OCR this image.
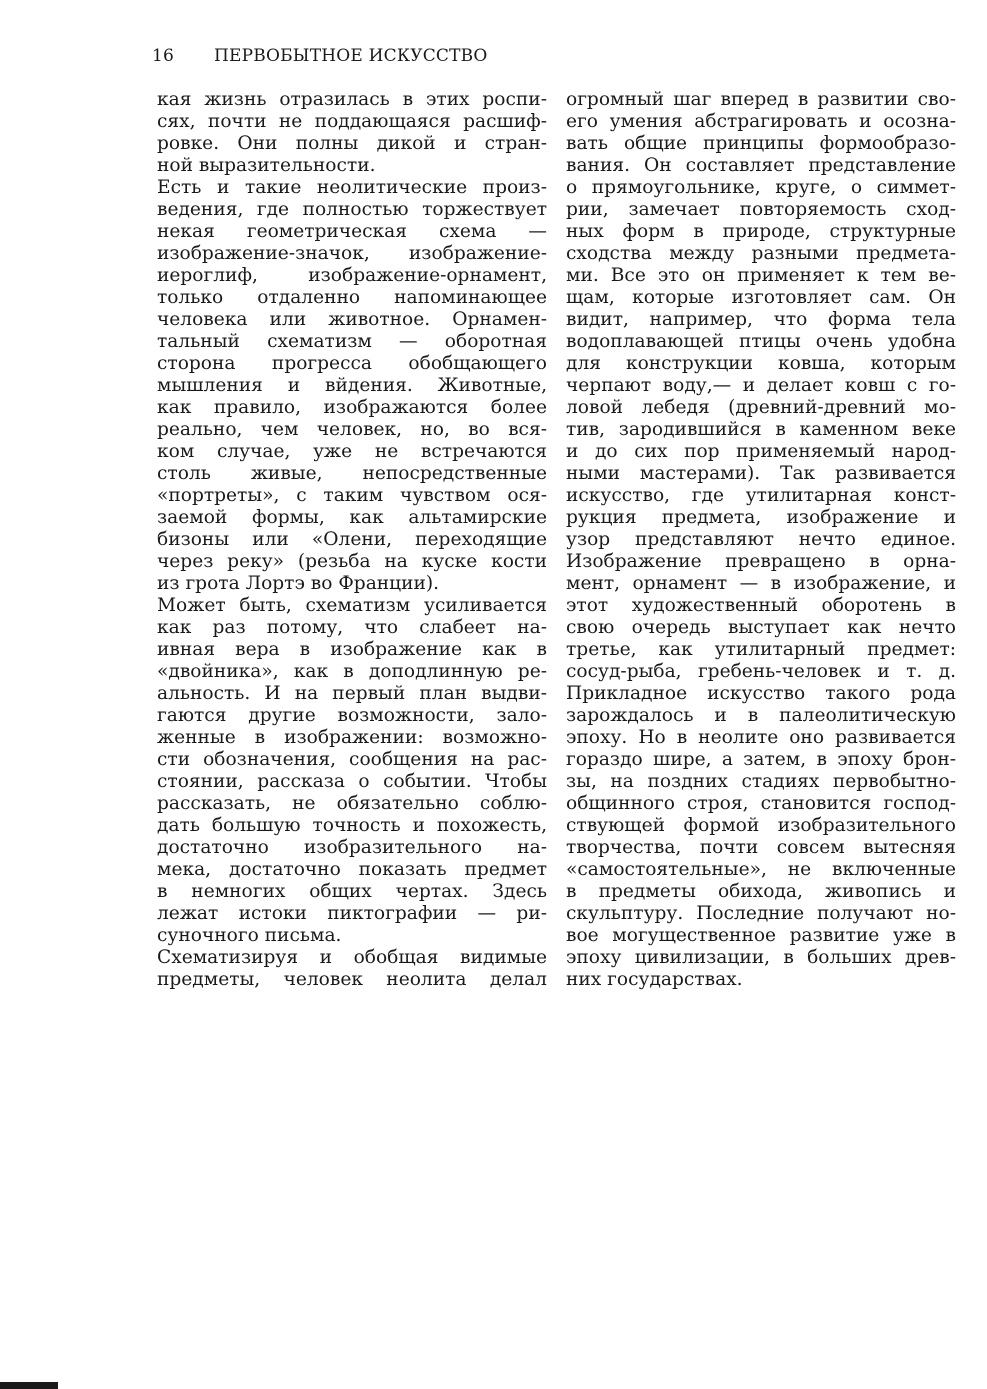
16	ПЕРВОБЫТНОЕ ИСКУССТВО
кая жизнь отразилась в этих роспи-
сях, почти не поддающаяся расшиф-
ровке. Они полны дикой и стран-
ной выразительности.
Есть и такие неолитические произ-
ведения, где полностью торжествует
некая геометрическая схема —
изображение-значок, изображение-
иероглиф, изображение-орнамент,
только отдаленно напоминающее
человека или животное. Орнамен-
тальный схематизм — оборотная
сторона прогресса обобщающего
мышления и вйдения. Животные,
как правило, изображаются более
реально, чем человек, но, во вся-
ком случае, уже не встречаются
столь живые, непосредственные
«портреты», с таким чувством ося-
заемой формы, как альтамирские
бизоны или «Олени, переходящие
через реку» (резьба на куске кости
из грота Лортэ во Франции).
Может быть, схематизм усиливается
как раз потому, что слабеет на-
ивная вера в изображение как в
«двойника», как в доподлинную ре-
альность. И на первый план выдви-
гаются другие возможности, зало-
женные в изображении: возможно-
сти обозначения, сообщения на рас-
стоянии, рассказа о событии. Чтобы
рассказать, не обязательно соблю-
дать большую точность и похожесть,
достаточно изобразительного на-
мека, достаточно показать предмет
в немногих общих чертах. Здесь
лежат истоки пиктографии — ри-
суночного письма.
Схематизируя и обобщая видимые
предметы, человек неолита делал
огромный шаг вперед в развитии сво-
его умения абстрагировать и осозна-
вать общие принципы формообразо-
вания. Он составляет представление
о прямоугольнике, круге, о симмет-
рии, замечает повторяемость сход-
ных форм в природе, структурные
сходства между разными предмета-
ми. Все это он применяет к тем ве-
щам, которые изготовляет сам. Он
видит, например, что форма тела
водоплавающей птицы очень удобна
для конструкции ковша, которым
черпают воду,— и делает ковш с го-
ловой лебедя (древний-древний мо-
тив, зародившийся в каменном веке
и до сих пор применяемый народ-
ными мастерами). Так развивается
искусство, где утилитарная конст-
рукция предмета, изображение и
узор представляют нечто единое.
Изображение превращено в орна-
мент, орнамент — в изображение, и
этот художественный оборотень в
свою очередь выступает как нечто
третье, как утилитарный предмет:
сосуд-рыба, гребень-человек и т. д.
Прикладное искусство такого рода
зарождалось и в палеолитическую
эпоху. Но в неолите оно развивается
гораздо шире, а затем, в эпоху брон-
зы, на поздних стадиях первобытно-
общинного строя, становится господ-
ствующей формой изобразительного
творчества, почти совсем вытесняя
«самостоятельные», не включенные
в предметы обихода, живопись и
скульптуру. Последние получают но-
вое могущественное развитие уже в
эпоху цивилизации, в больших древ-
них государствах.
